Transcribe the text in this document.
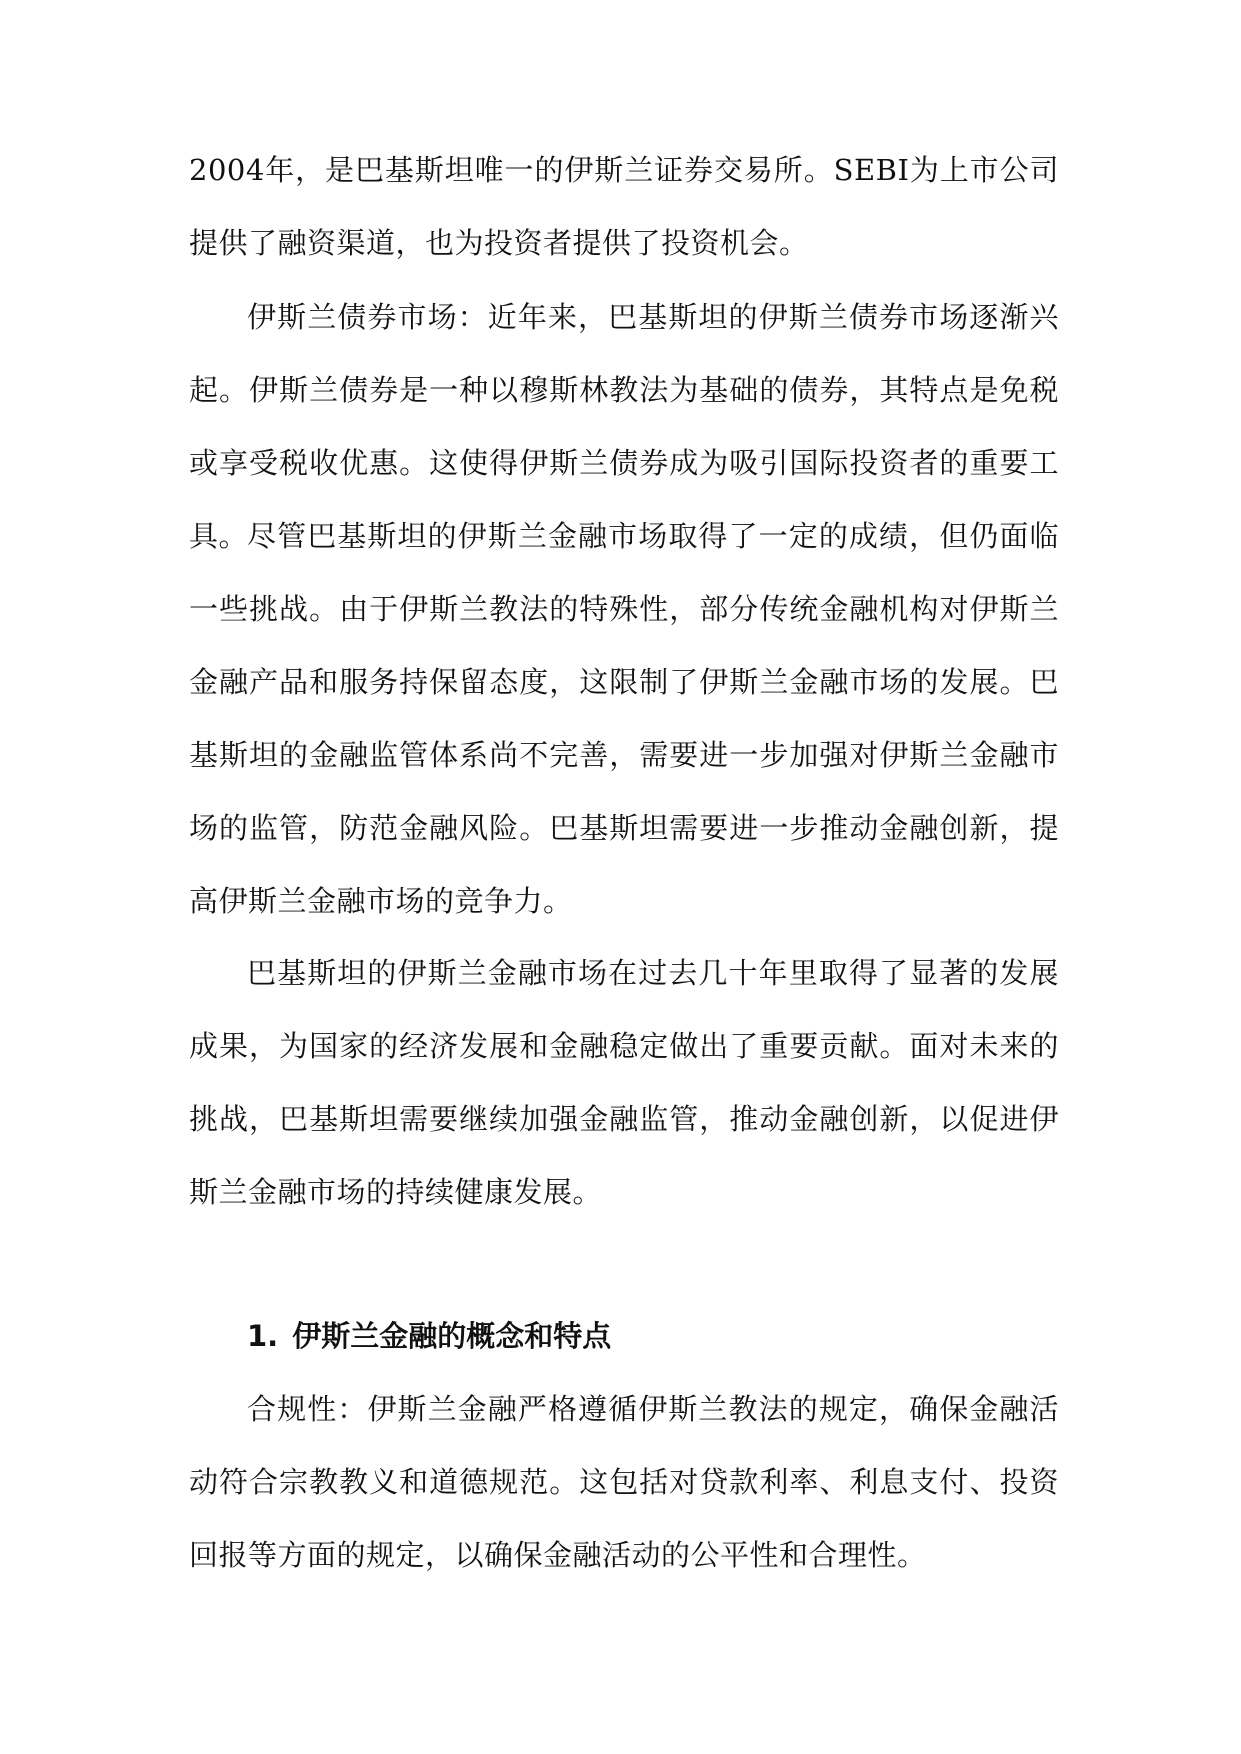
2004年，是巴基斯坦唯一的伊斯兰证券交易所。SEBI为上市公司提供了融资渠道，也为投资者提供了投资机会。

伊斯兰债券市场：近年来，巴基斯坦的伊斯兰债券市场逐渐兴起。伊斯兰债券是一种以穆斯林教法为基础的债券，其特点是免税或享受税收优惠。这使得伊斯兰债券成为吸引国际投资者的重要工具。

尽管巴基斯坦的伊斯兰金融市场取得了一定的成绩，但仍面临一些挑战。由于伊斯兰教法的特殊性，部分传统金融机构对伊斯兰金融产品和服务持保留态度，这限制了伊斯兰金融市场的发展。巴基斯坦的金融监管体系尚不完善，需要进一步加强对伊斯兰金融市场的监管，防范金融风险。巴基斯坦需要进一步推动金融创新，提高伊斯兰金融市场的竞争力。

巴基斯坦的伊斯兰金融市场在过去几十年里取得了显著的发展成果，为国家的经济发展和金融稳定做出了重要贡献。面对未来的挑战，巴基斯坦需要继续加强金融监管，推动金融创新，以促进伊斯兰金融市场的持续健康发展。

1. 伊斯兰金融的概念和特点

合规性：伊斯兰金融严格遵循伊斯兰教法的规定，确保金融活动符合宗教教义和道德规范。这包括对贷款利率、利息支付、投资回报等方面的规定，以确保金融活动的公平性和合理性。
